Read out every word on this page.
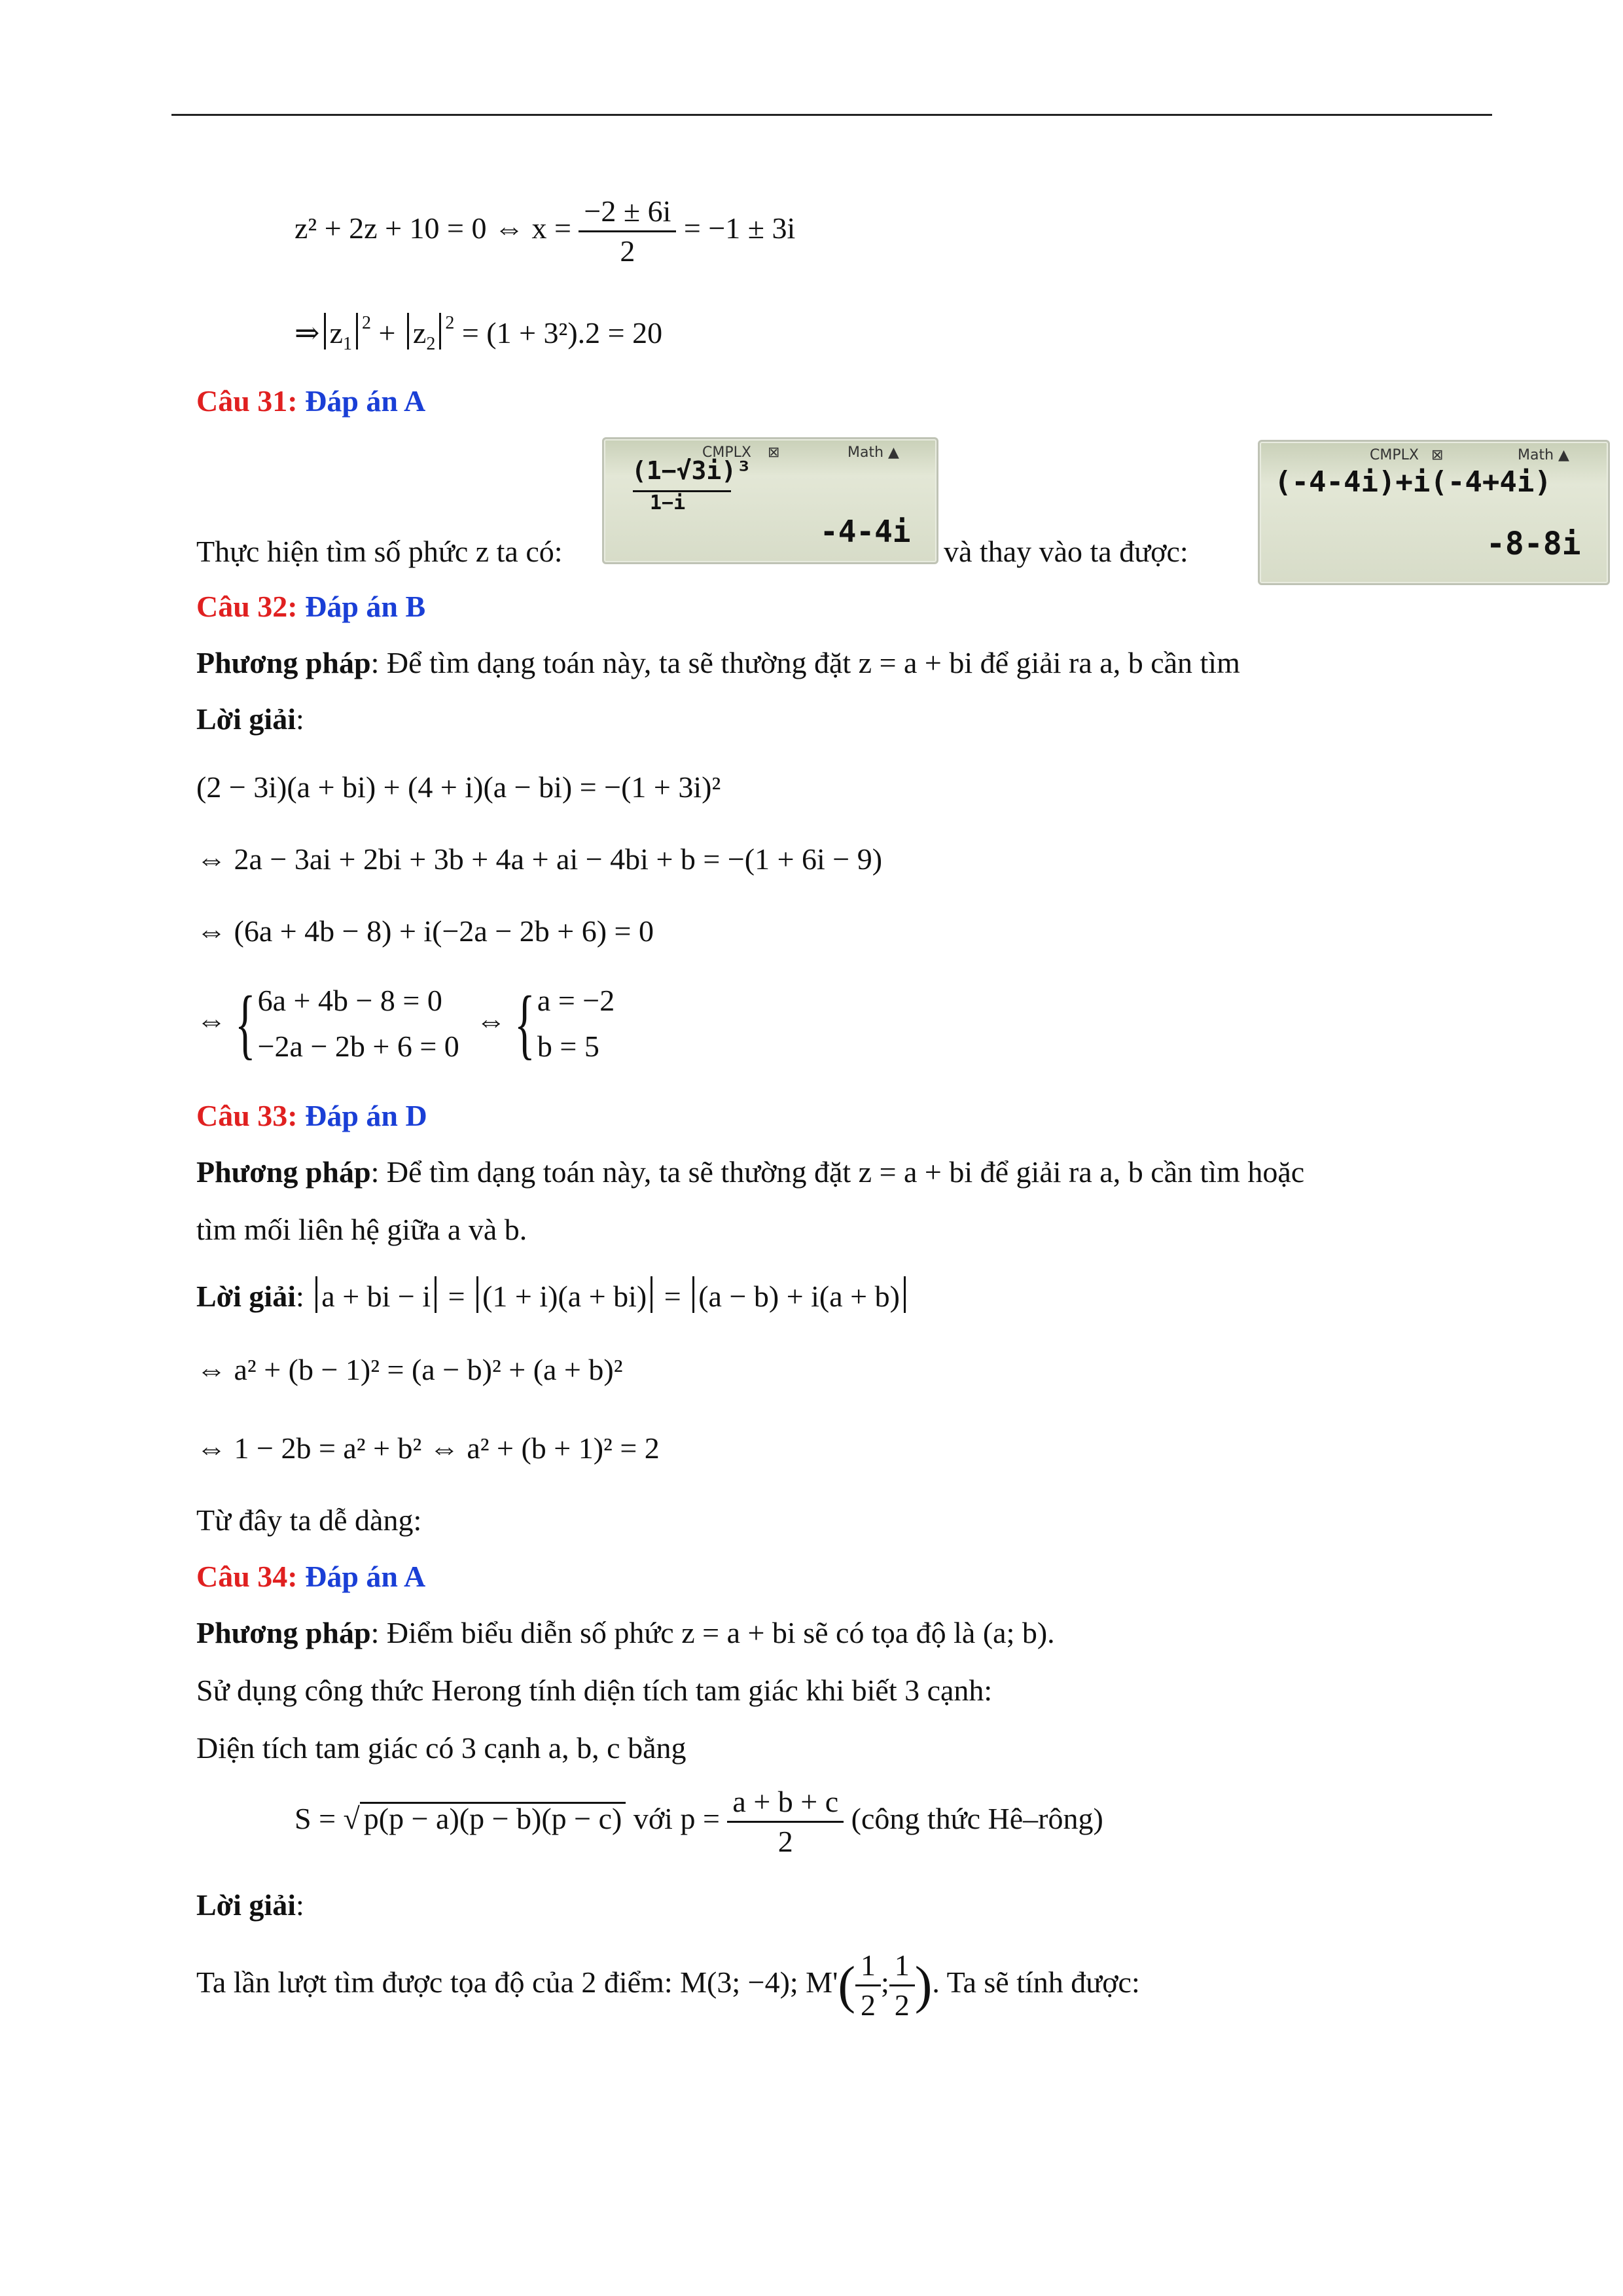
z² + 2z + 10 = 0 ⇔ $x = \frac{-2 \pm 6i}{2} = -1 \pm 3i$
⇒ $z_1^2 + z_2^2 = (1 + 3^2).2 = 20$
Câu 31: Đáp án A
Thực hiện tìm số phức z ta có:
CMPLX ⊠	Math ▲
(1−√3i)³
1−i
-4-4i
và thay vào ta được:
CMPLX ⊠	Math ▲
(-4-4i)+i(-4+4i)
-8-8i
Câu 32: Đáp án B
Phương pháp: Để tìm dạng toán này, ta sẽ thường đặt z = a + bi để giải ra a, b cần tìm
Lời giải:
(2 − 3i)(a + bi) + (4 + i)(a − bi) = −(1 + 3i)²
⇔ 2a − 3ai + 2bi + 3b + 4a + ai − 4bi + b = −(1 + 6i − 9)
⇔ (6a + 4b − 8) + i(−2a − 2b + 6) = 0
⇔ {6a + 4b − 8 = 0
−2a − 2b + 6 = 0 ⇔ {a = −2
b = 5
Câu 33: Đáp án D
Phương pháp: Để tìm dạng toán này, ta sẽ thường đặt z = a + bi để giải ra a, b cần tìm hoặc
tìm mối liên hệ giữa a và b.
Lời giải: a + bi − i = (1 + i)(a + bi) = (a − b) + i(a + b)
⇔ a² + (b − 1)² = (a − b)² + (a + b)²
⇔ 1 − 2b = a² + b² ⇔ a² + (b + 1)² = 2
Từ đây ta dễ dàng:
Câu 34: Đáp án A
Phương pháp: Điểm biểu diễn số phức z = a + bi sẽ có tọa độ là (a; b).
Sử dụng công thức Herong tính diện tích tam giác khi biết 3 cạnh:
Diện tích tam giác có 3 cạnh a, b, c bằng
S = √ p(p − a)(p − b)(p − c) với $p = \frac{a + b + c}{2}$ (công thức Hê–rông)
Lời giải:
Ta lần lượt tìm được tọa độ của 2 điểm: M(3; −4); $M'( \frac{1}{2}$ ; $\frac{1}{2}$ ). Ta sẽ tính được:
